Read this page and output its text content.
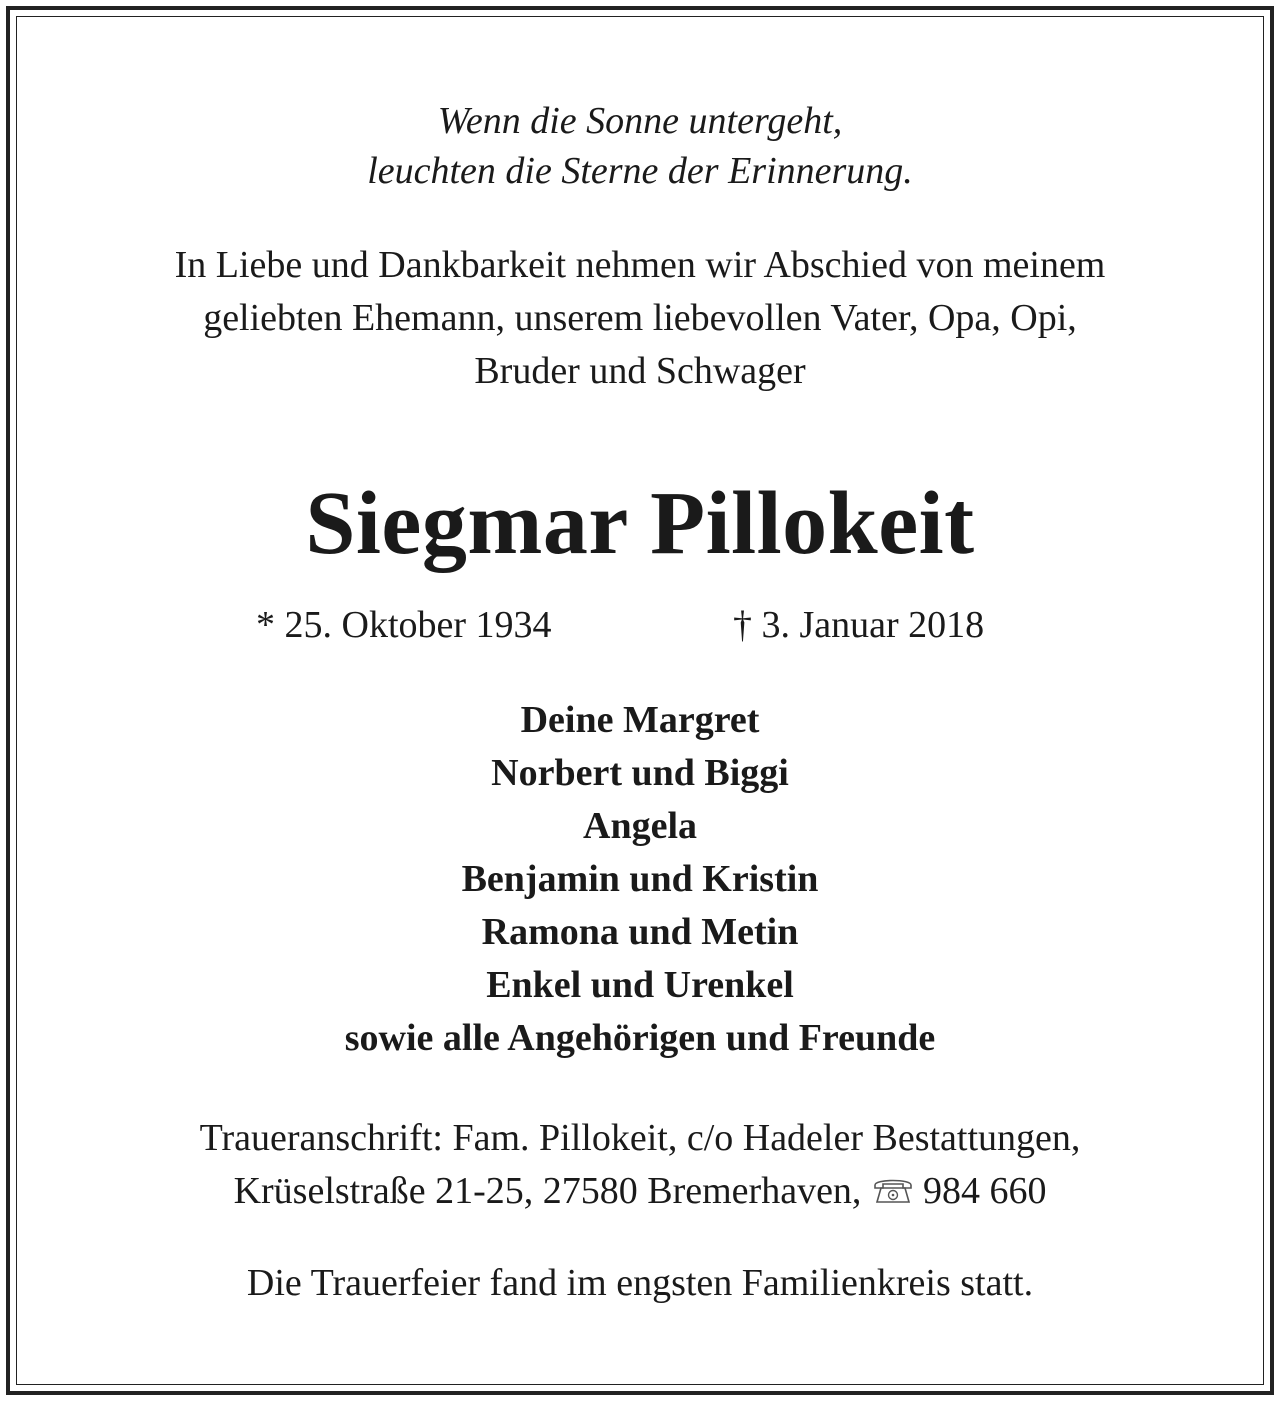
Wenn die Sonne untergeht,
leuchten die Sterne der Erinnerung.
In Liebe und Dankbarkeit nehmen wir Abschied von meinem
geliebten Ehemann, unserem liebevollen Vater, Opa, Opi,
Bruder und Schwager
Siegmar Pillokeit
* 25. Oktober 1934	† 3. Januar 2018
Deine Margret
Norbert und Biggi
Angela
Benjamin und Kristin
Ramona und Metin
Enkel und Urenkel
sowie alle Angehörigen und Freunde
Traueranschrift: Fam. Pillokeit, c/o Hadeler Bestattungen,
Krüselstraße 21-25, 27580 Bremerhaven, 984 660
Die Trauerfeier fand im engsten Familienkreis statt.
